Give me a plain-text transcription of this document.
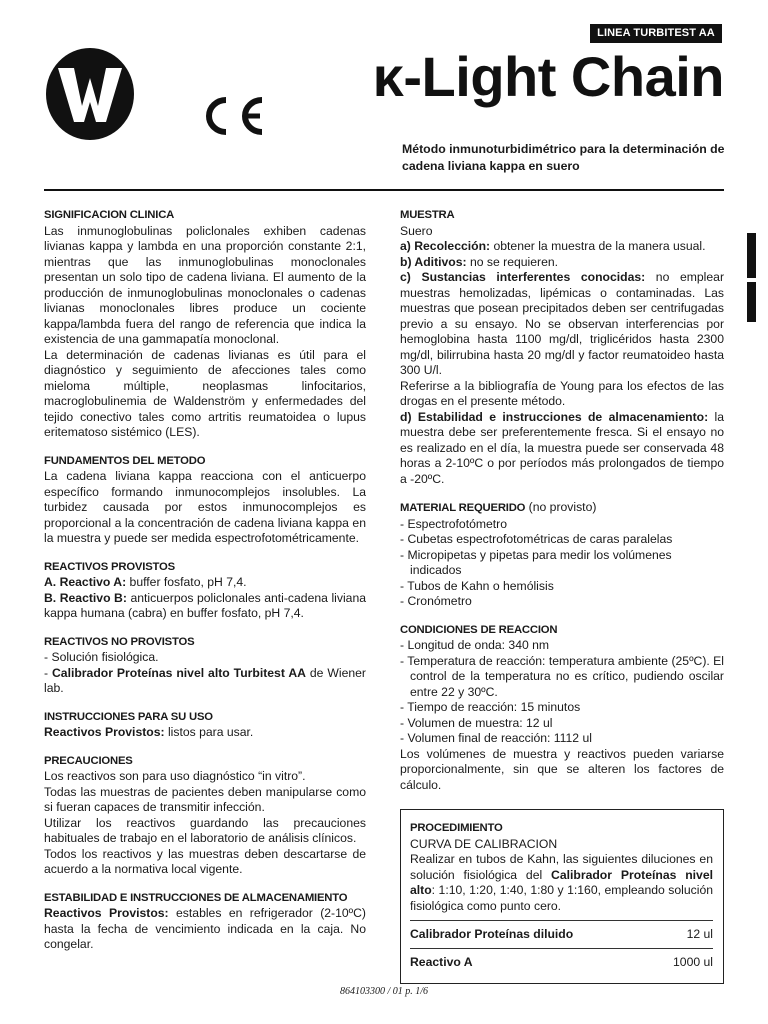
LINEA TURBITEST AA
κ-Light Chain
Método inmunoturbidimétrico para la determinación de cadena liviana kappa en suero
SIGNIFICACION CLINICA
Las inmunoglobulinas policlonales exhiben cadenas livianas kappa y lambda en una proporción constante 2:1, mientras que las inmunoglobulinas monoclonales presentan un solo tipo de cadena liviana. El aumento de la producción de inmunoglobulinas monoclonales o cadenas livianas monoclonales libres produce un cociente kappa/lambda fuera del rango de referencia que indica la existencia de una gammapatía monoclonal.
La determinación de cadenas livianas es útil para el diagnóstico y seguimiento de afecciones tales como mieloma múltiple, neoplasmas linfocitarios, macroglobulinemia de Waldenström y enfermedades del tejido conectivo tales como artritis reumatoidea o lupus eritematoso sistémico (LES).
FUNDAMENTOS DEL METODO
La cadena liviana kappa reacciona con el anticuerpo específico formando inmunocomplejos insolubles. La turbidez causada por estos inmunocomplejos es proporcional a la concentración de cadena liviana kappa en la muestra y puede ser medida espectrofotométricamente.
REACTIVOS PROVISTOS
A. Reactivo A: buffer fosfato, pH 7,4.
B. Reactivo B: anticuerpos policlonales anti-cadena liviana kappa humana (cabra) en buffer fosfato, pH 7,4.
REACTIVOS NO PROVISTOS
- Solución fisiológica.
- Calibrador Proteínas nivel alto Turbitest AA de Wiener lab.
INSTRUCCIONES PARA SU USO
Reactivos Provistos: listos para usar.
PRECAUCIONES
Los reactivos son para uso diagnóstico “in vitro”.
Todas las muestras de pacientes deben manipularse como si fueran capaces de transmitir infección.
Utilizar los reactivos guardando las precauciones habituales de trabajo en el laboratorio de análisis clínicos.
Todos los reactivos y las muestras deben descartarse de acuerdo a la normativa local vigente.
ESTABILIDAD E INSTRUCCIONES DE ALMACENAMIENTO
Reactivos Provistos: estables en refrigerador (2-10ºC) hasta la fecha de vencimiento indicada en la caja. No congelar.
MUESTRA
Suero
a) Recolección: obtener la muestra de la manera usual.
b) Aditivos: no se requieren.
c) Sustancias interferentes conocidas: no emplear muestras hemolizadas, lipémicas o contaminadas. Las muestras que posean precipitados deben ser centrifugadas previo a su ensayo. No se observan interferencias por hemoglobina hasta 1100 mg/dl, triglicéridos hasta 2300 mg/dl, bilirrubina hasta 20 mg/dl y factor reumatoideo hasta 300 U/l.
Referirse a la bibliografía de Young para los efectos de las drogas en el presente método.
d) Estabilidad e instrucciones de almacenamiento: la muestra debe ser preferentemente fresca. Si el ensayo no es realizado en el día, la muestra puede ser conservada 48 horas a 2-10ºC o por períodos más prolongados de tiempo a -20ºC.
MATERIAL REQUERIDO (no provisto)
- Espectrofotómetro
- Cubetas espectrofotométricas de caras paralelas
- Micropipetas y pipetas para medir los volúmenes indicados
- Tubos de Kahn o hemólisis
- Cronómetro
CONDICIONES DE REACCION
- Longitud de onda: 340 nm
- Temperatura de reacción: temperatura ambiente (25ºC). El control de la temperatura no es crítico, pudiendo oscilar entre 22 y 30ºC.
- Tiempo de reacción: 15 minutos
- Volumen de muestra: 12 ul
- Volumen final de reacción: 1112 ul
Los volúmenes de muestra y reactivos pueden variarse proporcionalmente, sin que se alteren los factores de cálculo.
PROCEDIMIENTO
CURVA DE CALIBRACION
Realizar en tubos de Kahn, las siguientes diluciones en solución fisiológica del Calibrador Proteínas nivel alto: 1:10, 1:20, 1:40, 1:80 y 1:160, empleando solución fisiológica como punto cero.
Calibrador Proteínas diluido	12 ul
Reactivo A	1000 ul
864103300 / 01 p. 1/6
